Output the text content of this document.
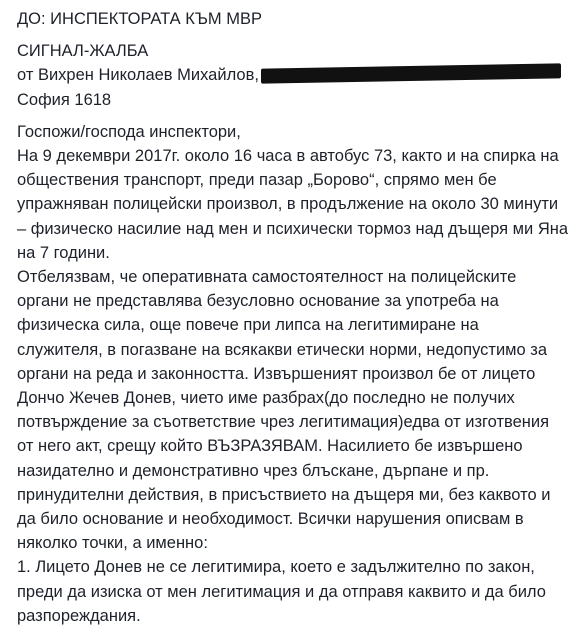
ДО: ИНСПЕКТОРАТА КЪМ МВР
СИГНАЛ-ЖАЛБА
от Вихрен Николаев Михайлов,
София 1618
Госпожи/господа инспектори,
На 9 декември 2017г. около 16 часа в автобус 73, както и на спирка на
обществения транспорт, преди пазар „Борово“, спрямо мен бе
упражняван полицейски произвол, в продължение на около 30 минути
– физическо насилие над мен и психически тормоз над дъщеря ми Яна
на 7 години.
Отбелязвам, че оперативната самостоятелност на полицейските
органи не представлява безусловно основание за употреба на
физическа сила, още повече при липса на легитимиране на
служителя, в погазване на всякакви етически норми, недопустимо за
органи на реда и законността. Извършеният произвол бе от лицето
Дончо Жечев Донев, чието име разбрах(до последно не получих
потвърждение за съответствие чрез легитимация)едва от изготвения
от него акт, срещу който ВЪЗРАЗЯВАМ. Насилието бе извършено
назидателно и демонстративно чрез блъскане, дърпане и пр.
принудителни действия, в присъствието на дъщеря ми, без каквото и
да било основание и необходимост. Всички нарушения описвам в
няколко точки, а именно:
1. Лицето Донев не се легитимира, което е задължително по закон,
преди да изиска от мен легитимация и да отправя каквито и да било
разпореждания.
